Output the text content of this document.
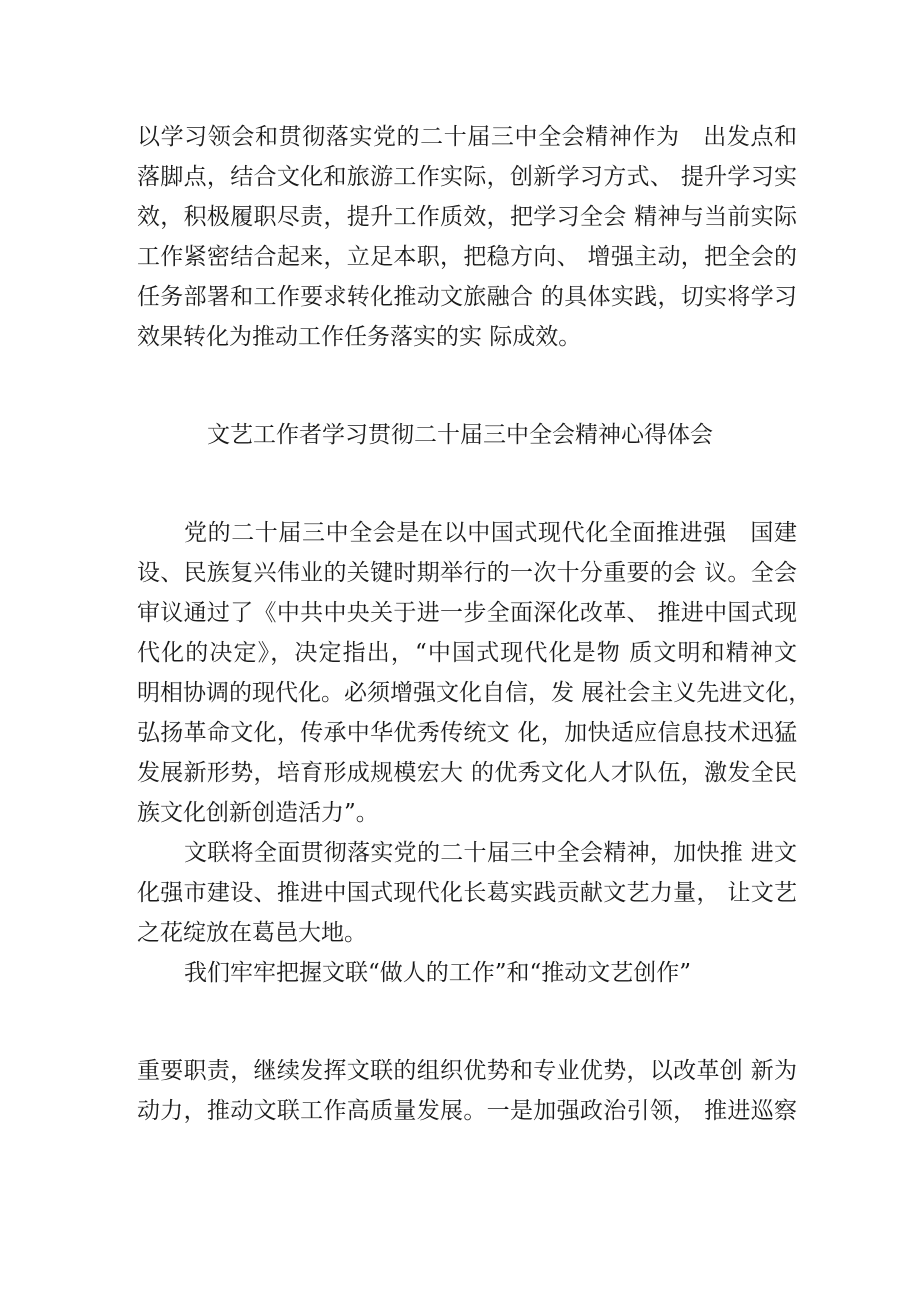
以学习领会和贯彻落实党的二十届三中全会精神作为　出发点和
落脚点，结合文化和旅游工作实际，创新学习方式、 提升学习实
效，积极履职尽责，提升工作质效，把学习全会 精神与当前实际
工作紧密结合起来，立足本职，把稳方向、 增强主动，把全会的
任务部署和工作要求转化推动文旅融合 的具体实践，切实将学习
效果转化为推动工作任务落实的实 际成效。
文艺工作者学习贯彻二十届三中全会精神心得体会
党的二十届三中全会是在以中国式现代化全面推进强　国建
设、民族复兴伟业的关键时期举行的一次十分重要的会 议。全会
审议通过了《中共中央关于进一步全面深化改革、 推进中国式现
代化的决定》，决定指出，“中国式现代化是物 质文明和精神文
明相协调的现代化。必须增强文化自信，发 展社会主义先进文化，
弘扬革命文化，传承中华优秀传统文 化，加快适应信息技术迅猛
发展新形势，培育形成规模宏大 的优秀文化人才队伍，激发全民
族文化创新创造活力”。
文联将全面贯彻落实党的二十届三中全会精神，加快推 进文
化强市建设、推进中国式现代化长葛实践贡献文艺力量， 让文艺
之花绽放在葛邑大地。
我们牢牢把握文联“做人的工作”和“推动文艺创作”
重要职责，继续发挥文联的组织优势和专业优势，以改革创 新为
动力，推动文联工作高质量发展。一是加强政治引领， 推进巡察
